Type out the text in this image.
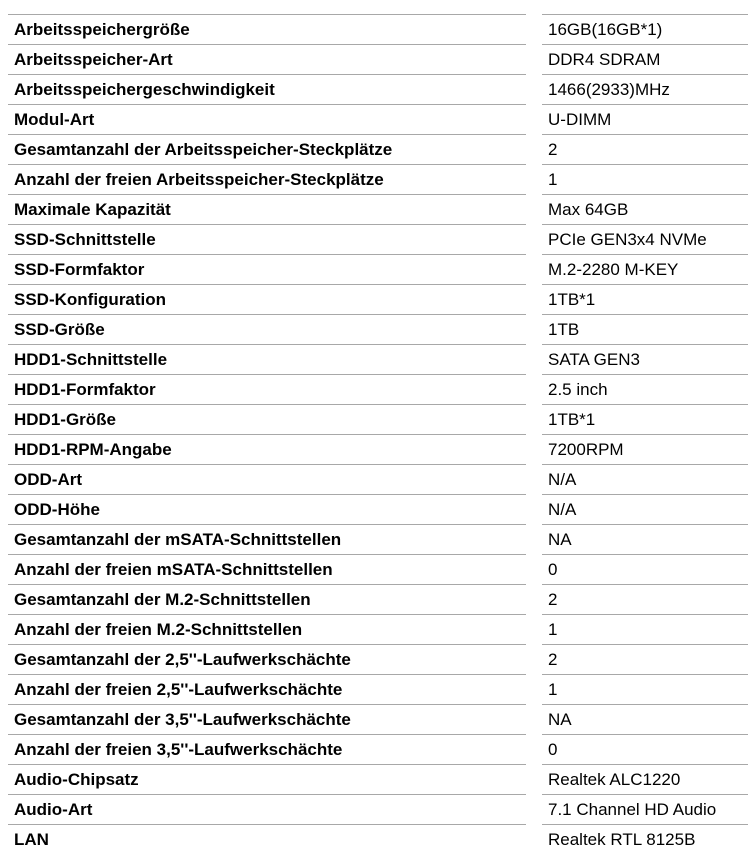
Arbeitsspeichergröße		16GB(16GB*1)
Arbeitsspeicher-Art		DDR4 SDRAM
Arbeitsspeichergeschwindigkeit		1466(2933)MHz
Modul-Art		U-DIMM
Gesamtanzahl der Arbeitsspeicher-Steckplätze		2
Anzahl der freien Arbeitsspeicher-Steckplätze		1
Maximale Kapazität		Max 64GB
SSD-Schnittstelle		PCIe GEN3x4 NVMe
SSD-Formfaktor		M.2-2280 M-KEY
SSD-Konfiguration		1TB*1
SSD-Größe		1TB
HDD1-Schnittstelle		SATA GEN3
HDD1-Formfaktor		2.5 inch
HDD1-Größe		1TB*1
HDD1-RPM-Angabe		7200RPM
ODD-Art		N/A
ODD-Höhe		N/A
Gesamtanzahl der mSATA-Schnittstellen		NA
Anzahl der freien mSATA-Schnittstellen		0
Gesamtanzahl der M.2-Schnittstellen		2
Anzahl der freien M.2-Schnittstellen		1
Gesamtanzahl der 2,5''-Laufwerkschächte		2
Anzahl der freien 2,5''-Laufwerkschächte		1
Gesamtanzahl der 3,5''-Laufwerkschächte		NA
Anzahl der freien 3,5''-Laufwerkschächte		0
Audio-Chipsatz		Realtek ALC1220
Audio-Art		7.1 Channel HD Audio
LAN		Realtek RTL 8125B
